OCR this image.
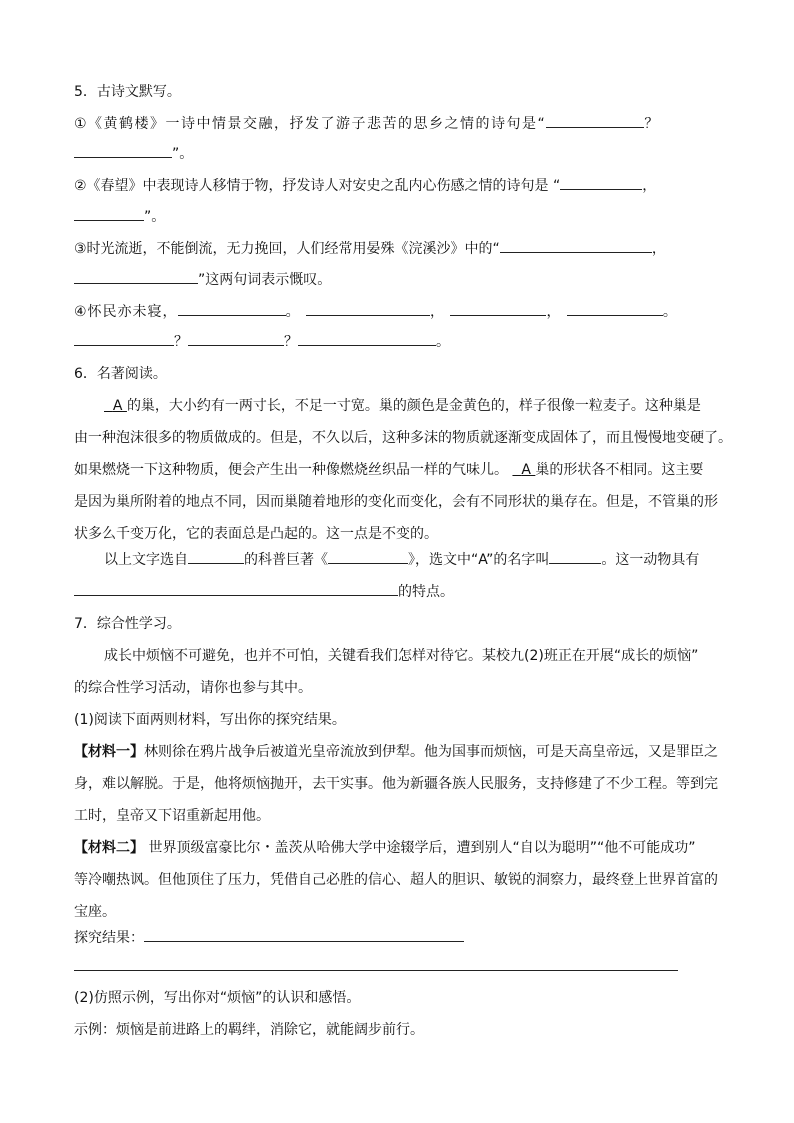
5．古诗文默写。
①《黄鹤楼》一诗中情景交融，抒发了游子悲苦的思乡之情的诗句是“	？
”。
②《春望》中表现诗人移情于物，抒发诗人对安史之乱内心伤感之情的诗句是 “	，
”。
③时光流逝，不能倒流，无力挽回，人们经常用晏殊《浣溪沙》中的“	，
”这两句词表示慨叹。
④怀民亦未寝，	。	，	，	。
？	？	。
6．名著阅读。
A 的巢，大小约有一两寸长，不足一寸宽。巢的颜色是金黄色的，样子很像一粒麦子。这种巢是
由一种泡沫很多的物质做成的。但是，不久以后，这种多沫的物质就逐渐变成固体了，而且慢慢地变硬了。
如果燃烧一下这种物质，便会产生出一种像燃烧丝织品一样的气味儿。 A 巢的形状各不相同。这主要
是因为巢所附着的地点不同，因而巢随着地形的变化而变化，会有不同形状的巢存在。但是，不管巢的形
状多么千变万化，它的表面总是凸起的。这一点是不变的。
以上文字选自	的科普巨著《	》，选文中“A”的名字叫	。这一动物具有
的特点。
7．综合性学习。
成长中烦恼不可避免，也并不可怕，关键看我们怎样对待它。某校九(2)班正在开展“成长的烦恼”
的综合性学习活动，请你也参与其中。
(1)阅读下面两则材料，写出你的探究结果。
【材料一】林则徐在鸦片战争后被道光皇帝流放到伊犁。他为国事而烦恼，可是天高皇帝远，又是罪臣之
身，难以解脱。于是，他将烦恼抛开，去干实事。他为新疆各族人民服务，支持修建了不少工程。等到完
工时，皇帝又下诏重新起用他。
【材料二】 世界顶级富豪比尔・盖茨从哈佛大学中途辍学后，遭到别人“自以为聪明”“他不可能成功”
等冷嘲热讽。但他顶住了压力，凭借自己必胜的信心、超人的胆识、敏锐的洞察力，最终登上世界首富的
宝座。
探究结果：
(2)仿照示例，写出你对“烦恼”的认识和感悟。
示例：烦恼是前进路上的羁绊，消除它，就能阔步前行。
